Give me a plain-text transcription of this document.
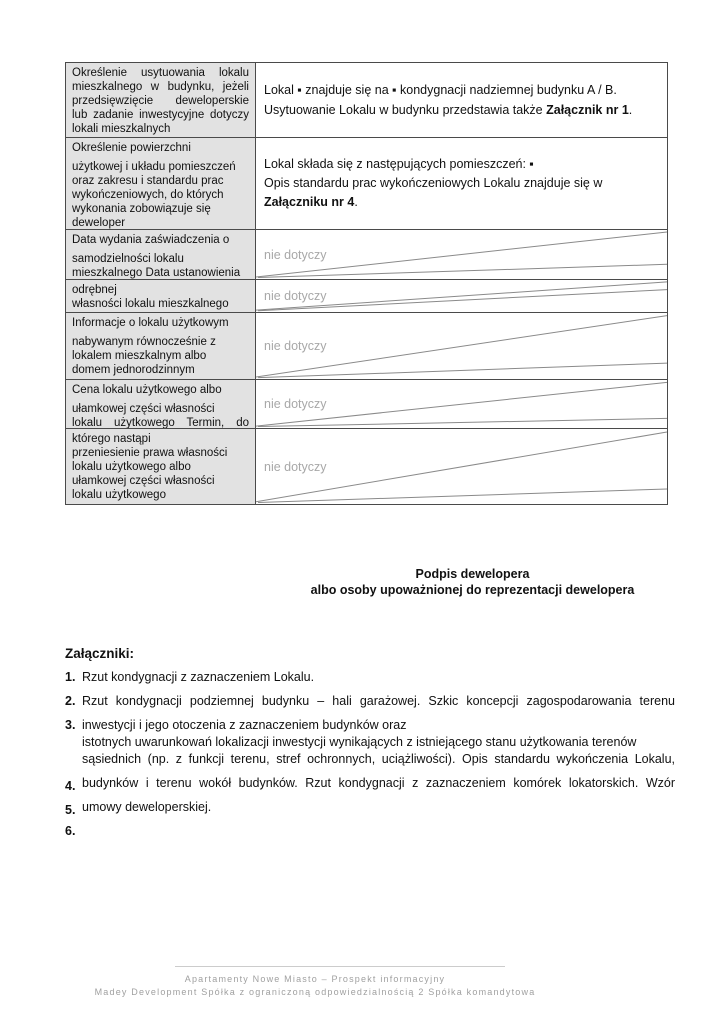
Określenie usytuowania lokalu
mieszkalnego w budynku, jeżeli
przedsięwzięcie deweloperskie
lub zadanie inwestycyjne dotyczy
lokali mieszkalnych
Lokal ▪ znajduje się na ▪ kondygnacji nadziemnej budynku A / B.
Usytuowanie Lokalu w budynku przedstawia także Załącznik nr 1.
Określenie powierzchni
użytkowej i układu pomieszczeń
oraz zakresu i standardu prac
wykończeniowych, do których
wykonania zobowiązuje się
deweloper
Lokal składa się z następujących pomieszczeń: ▪
Opis standardu prac wykończeniowych Lokalu znajduje się w
Załączniku nr 4.
Data wydania zaświadczenia o
samodzielności lokalu
mieszkalnego Data ustanowienia
nie dotyczy
odrębnej
własności lokalu mieszkalnego
nie dotyczy
Informacje o lokalu użytkowym
nabywanym równocześnie z
lokalem mieszkalnym albo
domem jednorodzinnym
nie dotyczy
Cena lokalu użytkowego albo
ułamkowej części własności
lokalu użytkowego Termin, do
nie dotyczy
którego nastąpi
przeniesienie prawa własności
lokalu użytkowego albo
ułamkowej części własności
lokalu użytkowego
nie dotyczy
Podpis dewelopera
albo osoby upoważnionej do reprezentacji dewelopera
Załączniki:
1. Rzut kondygnacji z zaznaczeniem Lokalu.
2. Rzut kondygnacji podziemnej budynku – hali garażowej. Szkic koncepcji zagospodarowania terenu
3. inwestycji i jego otoczenia z zaznaczeniem budynków oraz
istotnych uwarunkowań lokalizacji inwestycji wynikających z istniejącego stanu użytkowania terenów
sąsiednich (np. z funkcji terenu, stref ochronnych, uciążliwości). Opis standardu wykończenia Lokalu,
4. budynków i terenu wokół budynków. Rzut kondygnacji z zaznaczeniem komórek lokatorskich. Wzór
5. umowy deweloperskiej.
6.
Apartamenty Nowe Miasto – Prospekt informacyjny
Madey Development Spółka z ograniczoną odpowiedzialnością 2 Spółka komandytowa
